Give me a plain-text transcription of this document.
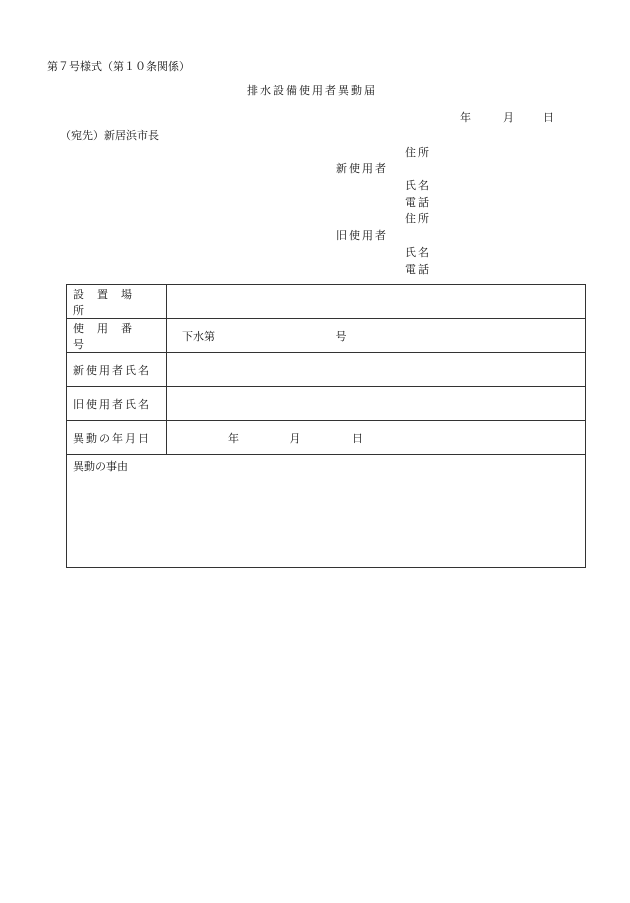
第７号様式（第１０条関係）
排水設備使用者異動届
年	月	日
（宛先）新居浜市長
住所
新使用者
氏名
電話
住所
旧使用者
氏名
電話
設置場所	
使用番号	下水第 号
新使用者氏名	
旧使用者氏名	
異動の年月日	年 月 日

異動の事由	
